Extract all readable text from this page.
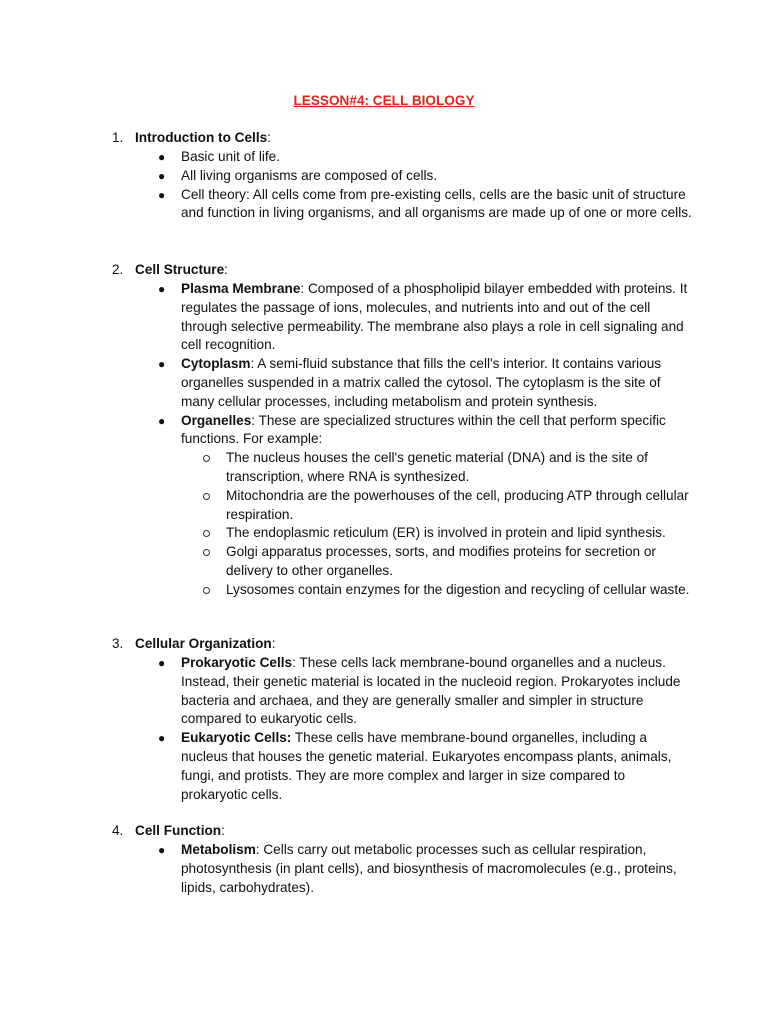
LESSON#4: CELL BIOLOGY
1. Introduction to Cells:
● Basic unit of life.
● All living organisms are composed of cells.
● Cell theory: All cells come from pre-existing cells, cells are the basic unit of structure and function in living organisms, and all organisms are made up of one or more cells.
2. Cell Structure:
● Plasma Membrane: Composed of a phospholipid bilayer embedded with proteins. It regulates the passage of ions, molecules, and nutrients into and out of the cell through selective permeability. The membrane also plays a role in cell signaling and cell recognition.
● Cytoplasm: A semi-fluid substance that fills the cell's interior. It contains various organelles suspended in a matrix called the cytosol. The cytoplasm is the site of many cellular processes, including metabolism and protein synthesis.
● Organelles: These are specialized structures within the cell that perform specific functions. For example:
The nucleus houses the cell's genetic material (DNA) and is the site of transcription, where RNA is synthesized.
Mitochondria are the powerhouses of the cell, producing ATP through cellular respiration.
The endoplasmic reticulum (ER) is involved in protein and lipid synthesis.
Golgi apparatus processes, sorts, and modifies proteins for secretion or delivery to other organelles.
Lysosomes contain enzymes for the digestion and recycling of cellular waste.
3. Cellular Organization:
● Prokaryotic Cells: These cells lack membrane-bound organelles and a nucleus. Instead, their genetic material is located in the nucleoid region. Prokaryotes include bacteria and archaea, and they are generally smaller and simpler in structure compared to eukaryotic cells.
● Eukaryotic Cells: These cells have membrane-bound organelles, including a nucleus that houses the genetic material. Eukaryotes encompass plants, animals, fungi, and protists. They are more complex and larger in size compared to prokaryotic cells.
4. Cell Function:
● Metabolism: Cells carry out metabolic processes such as cellular respiration, photosynthesis (in plant cells), and biosynthesis of macromolecules (e.g., proteins, lipids, carbohydrates).
